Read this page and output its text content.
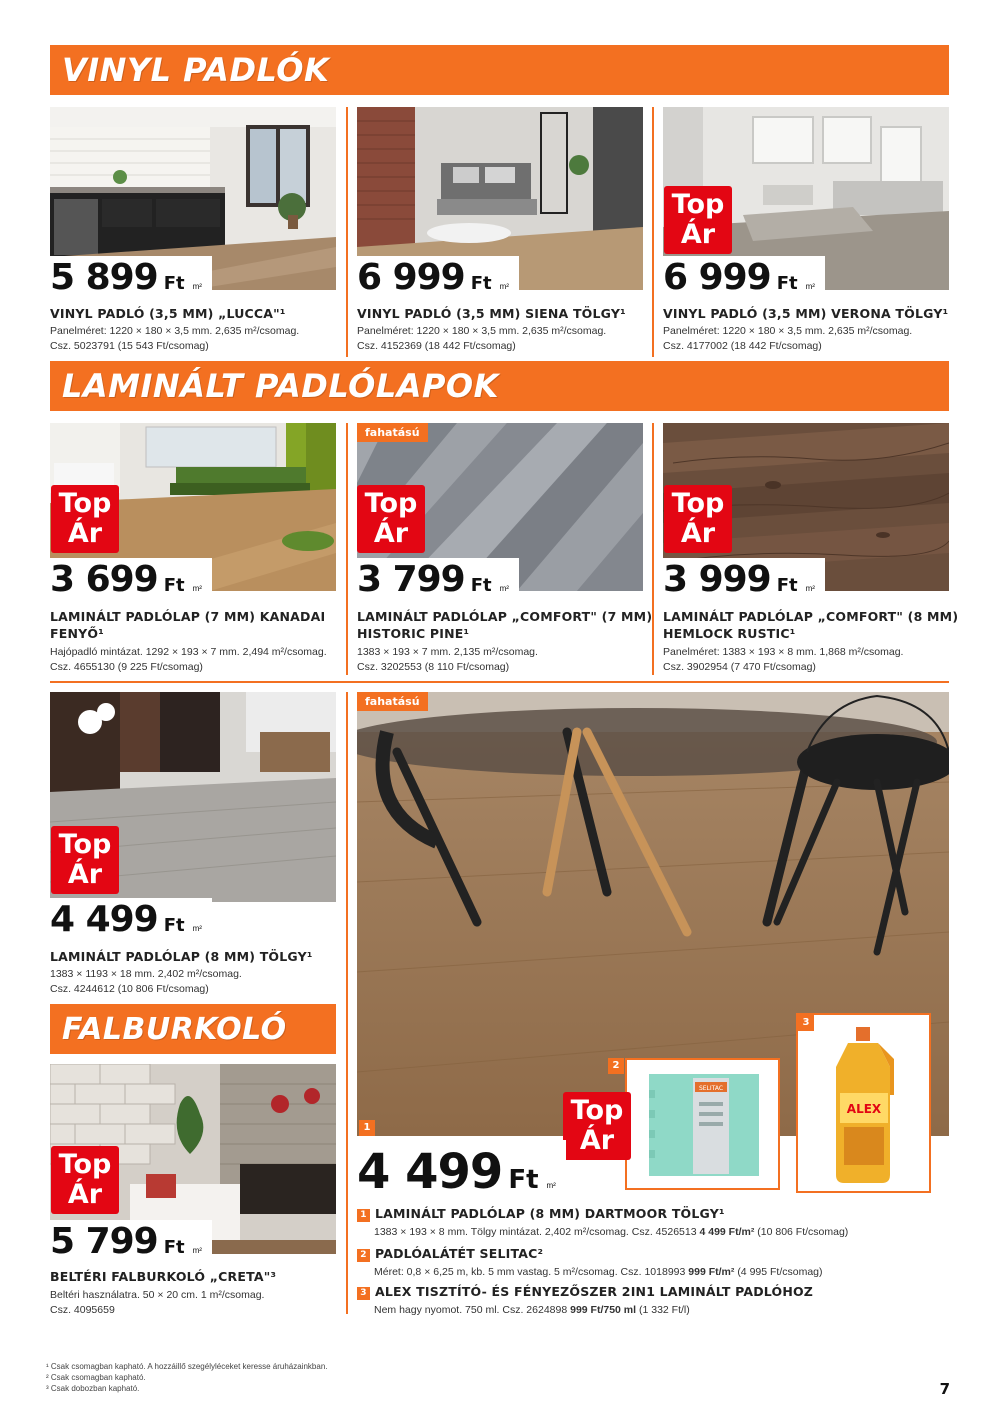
VINYL PADLÓK
Top
Ár
5 899 Ft m²	6 999 Ft m²	6 999 Ft m²
VINYL PADLÓ (3,5 MM) „LUCCA"¹
Panelméret: 1220 × 180 × 3,5 mm. 2,635 m²/csomag.
Csz. 5023791 (15 543 Ft/csomag)
VINYL PADLÓ (3,5 MM) SIENA TÖLGY¹
Panelméret: 1220 × 180 × 3,5 mm. 2,635 m²/csomag.
Csz. 4152369 (18 442 Ft/csomag)
VINYL PADLÓ (3,5 MM) VERONA TÖLGY¹
Panelméret: 1220 × 180 × 3,5 mm. 2,635 m²/csomag.
Csz. 4177002 (18 442 Ft/csomag)
LAMINÁLT PADLÓLAPOK
fahatású
Top
Ár
Top
Ár
Top
Ár
3 699 Ft m²	3 799 Ft m²	3 999 Ft m²
LAMINÁLT PADLÓLAP (7 MM) KANADAI
FENYŐ¹
Hajópadló mintázat. 1292 × 193 × 7 mm. 2,494 m²/csomag.
Csz. 4655130 (9 225 Ft/csomag)
LAMINÁLT PADLÓLAP „COMFORT" (7 MM)
HISTORIC PINE¹
1383 × 193 × 7 mm. 2,135 m²/csomag.
Csz. 3202553 (8 110 Ft/csomag)
LAMINÁLT PADLÓLAP „COMFORT" (8 MM)
HEMLOCK RUSTIC¹
Panelméret: 1383 × 193 × 8 mm. 1,868 m²/csomag.
Csz. 3902954 (7 470 Ft/csomag)
Top
Ár
4 499 Ft m²
LAMINÁLT PADLÓLAP (8 MM) TÖLGY¹
1383 × 1193 × 18 mm. 2,402 m²/csomag.
Csz. 4244612 (10 806 Ft/csomag)
FALBURKOLÓ
Top
Ár
5 799 Ft m²
BELTÉRI FALBURKOLÓ „CRETA"³
Beltéri használatra. 50 × 20 cm. 1 m²/csomag.
Csz. 4095659
fahatású
SELITAC
2
ALEX
3
1
Top
Ár
4 499 Ft m²
1 LAMINÁLT PADLÓLAP (8 MM) DARTMOOR TÖLGY¹
1383 × 193 × 8 mm. Tölgy mintázat. 2,402 m²/csomag. Csz. 4526513 4 499 Ft/m² (10 806 Ft/csomag)
2 PADLÓALÁTÉT SELITAC²
Méret: 0,8 × 6,25 m, kb. 5 mm vastag. 5 m²/csomag. Csz. 1018993 999 Ft/m² (4 995 Ft/csomag)
3 ALEX TISZTÍTÓ- ÉS FÉNYEZŐSZER 2IN1 LAMINÁLT PADLÓHOZ
Nem hagy nyomot. 750 ml. Csz. 2624898 999 Ft/750 ml (1 332 Ft/l)
¹ Csak csomagban kapható. A hozzáillő szegélyléceket keresse áruházainkban.
² Csak csomagban kapható.
³ Csak dobozban kapható.	7
